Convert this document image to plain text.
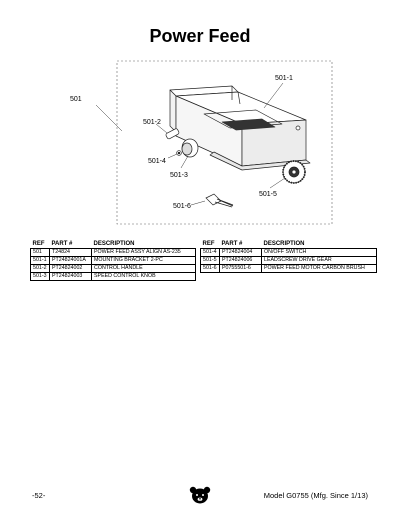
Power Feed
501
501-1
501-2
501-4
501-3
501-5
501-6
REF	PART #	DESCRIPTION
501	T24824	POWER FEED ASSY ALIGN AS-235
501-1	PT24824001A	MOUNTING BRACKET 2-PC
501-2	PT24824002	CONTROL HANDLE
501-3	PT24824003	SPEED CONTROL KNOB
REF	PART #	DESCRIPTION
501-4	PT24824004	ON/OFF SWITCH
501-5	PT24824006	LEADSCREW DRIVE GEAR
501-6	P0755501-6	POWER FEED MOTOR CARBON BRUSH
-52-	Model G0755 (Mfg. Since 1/13)
